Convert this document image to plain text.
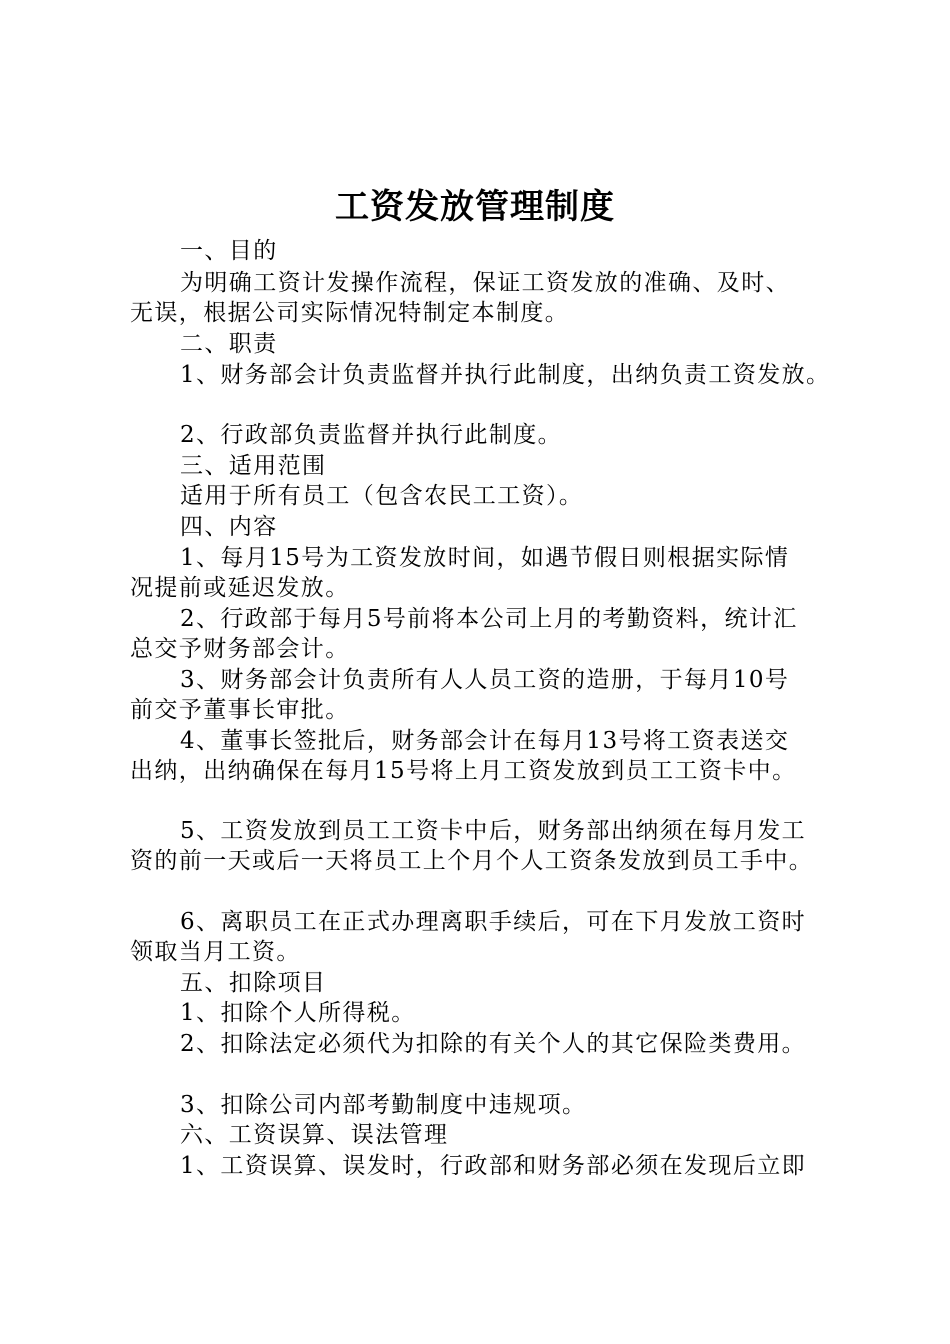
工资发放管理制度
一、目的
为明确工资计发操作流程，保证工资发放的准确、及时、
无误，根据公司实际情况特制定本制度。
二、职责
1、财务部会计负责监督并执行此制度，出纳负责工资发放。
2、行政部负责监督并执行此制度。
三、适用范围
适用于所有员工（包含农民工工资）。
四、内容
1、每月15号为工资发放时间，如遇节假日则根据实际情
况提前或延迟发放。
2、行政部于每月5号前将本公司上月的考勤资料，统计汇
总交予财务部会计。
3、财务部会计负责所有人人员工资的造册，于每月10号
前交予董事长审批。
4、董事长签批后，财务部会计在每月13号将工资表送交
出纳，出纳确保在每月15号将上月工资发放到员工工资卡中。
5、工资发放到员工工资卡中后，财务部出纳须在每月发工
资的前一天或后一天将员工上个月个人工资条发放到员工手中。
6、离职员工在正式办理离职手续后，可在下月发放工资时
领取当月工资。
五、扣除项目
1、扣除个人所得税。
2、扣除法定必须代为扣除的有关个人的其它保险类费用。
3、扣除公司内部考勤制度中违规项。
六、工资误算、误法管理
1、工资误算、误发时，行政部和财务部必须在发现后立即
